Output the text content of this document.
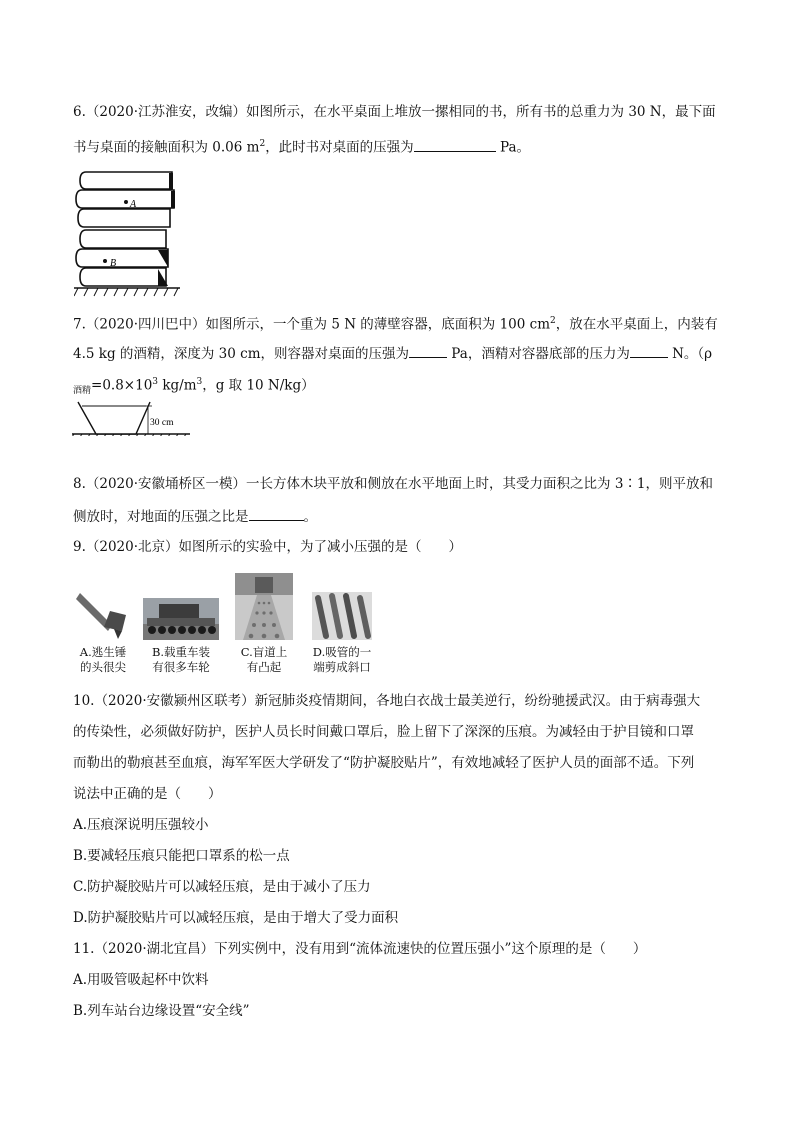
6.（2020·江苏淮安，改编）如图所示，在水平桌面上堆放一摞相同的书，所有书的总重力为 30 N，最下面
书与桌面的接触面积为 0.06 $m^2$，此时书对桌面的压强为	Pa。
A
B
7.（2020·四川巴中）如图所示，一个重为 5 N 的薄壁容器，底面积为 100 $cm^2$，放在水平桌面上，内装有
4.5 kg 的酒精，深度为 30 cm，则容器对桌面的压强为	Pa，酒精对容器底部的压力为	N。（ρ
$_{酒精}=0.8\times 10^3$ $kg/m^3$，g 取 10 N/kg）
30 cm
8.（2020·安徽埇桥区一模）一长方体木块平放和侧放在水平地面上时，其受力面积之比为 3∶1，则平放和
侧放时，对地面的压强之比是	。
9.（2020·北京）如图所示的实验中，为了减小压强的是（　　）
A.逃生锤
的头很尖
B.载重车装
有很多车轮
C.盲道上
有凸起
D.吸管的一
端剪成斜口
10.（2020·安徽颍州区联考）新冠肺炎疫情期间，各地白衣战士最美逆行，纷纷驰援武汉。由于病毒强大
的传染性，必须做好防护，医护人员长时间戴口罩后，脸上留下了深深的压痕。为减轻由于护目镜和口罩
而勒出的勒痕甚至血痕，海军军医大学研发了“防护凝胶贴片”，有效地减轻了医护人员的面部不适。下列
说法中正确的是（　　）
A.压痕深说明压强较小
B.要减轻压痕只能把口罩系的松一点
C.防护凝胶贴片可以减轻压痕，是由于减小了压力
D.防护凝胶贴片可以减轻压痕，是由于增大了受力面积
11.（2020·湖北宜昌）下列实例中，没有用到“流体流速快的位置压强小”这个原理的是（　　）
A.用吸管吸起杯中饮料
B.列车站台边缘设置“安全线”
